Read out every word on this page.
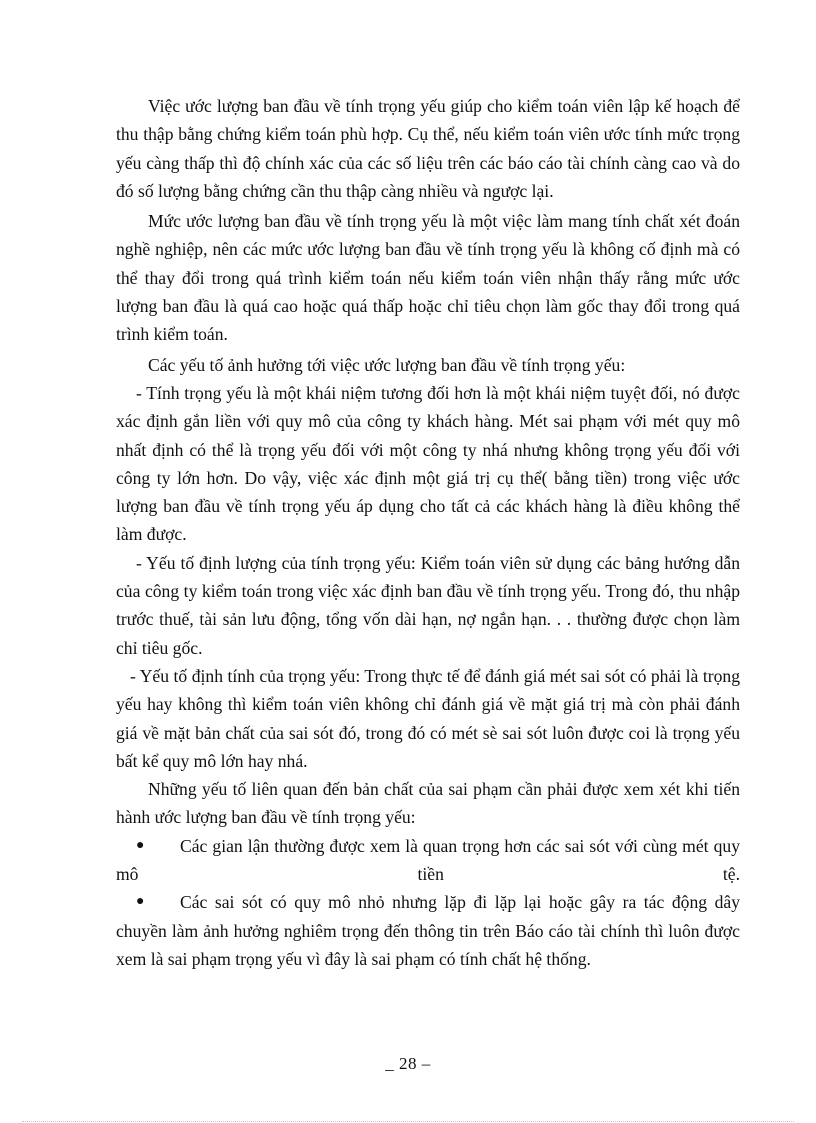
Việc ước lượng ban đầu về tính trọng yếu giúp cho kiểm toán viên lập kế hoạch để thu thập bằng chứng kiểm toán phù hợp. Cụ thể, nếu kiểm toán viên ước tính mức trọng yếu càng thấp thì độ chính xác của các số liệu trên các báo cáo tài chính càng cao và do đó số lượng bằng chứng cần thu thập càng nhiều và ngược lại.

Mức ước lượng ban đầu về tính trọng yếu là một việc làm mang tính chất xét đoán nghề nghiệp, nên các mức ước lượng ban đầu về tính trọng yếu là không cố định mà có thể thay đổi trong quá trình kiểm toán nếu kiểm toán viên nhận thấy rằng mức ước lượng ban đầu là quá cao hoặc quá thấp hoặc chỉ tiêu chọn làm gốc thay đổi trong quá trình kiểm toán.

Các yếu tố ảnh hưởng tới việc ước lượng ban đầu về tính trọng yếu:

- Tính trọng yếu là một khái niệm tương đối hơn là một khái niệm tuyệt đối, nó được xác định gắn liền với quy mô của công ty khách hàng. Mét sai phạm với mét quy mô nhất định có thể là trọng yếu đối với một công ty nhá nhưng không trọng yếu đối với công ty lớn hơn. Do vậy, việc xác định một giá trị cụ thể( bằng tiền) trong việc ước lượng ban đầu về tính trọng yếu áp dụng cho tất cả các khách hàng là điều không thể làm được.

- Yếu tố định lượng của tính trọng yếu: Kiểm toán viên sử dụng các bảng hướng dẫn của công ty kiểm toán trong việc xác định ban đầu về tính trọng yếu. Trong đó, thu nhập trước thuế, tài sản lưu động, tổng vốn dài hạn, nợ ngắn hạn. . . thường được chọn làm chỉ tiêu gốc.

- Yếu tố định tính của trọng yếu: Trong thực tế để đánh giá mét sai sót có phải là trọng yếu hay không thì kiểm toán viên không chỉ đánh giá về mặt giá trị mà còn phải đánh giá về mặt bản chất của sai sót đó, trong đó có mét sè sai sót luôn được coi là trọng yếu bất kể quy mô lớn hay nhá.

Những yếu tố liên quan đến bản chất của sai phạm cần phải được xem xét khi tiến hành ước lượng ban đầu về tính trọng yếu:

● Các gian lận thường được xem là quan trọng hơn các sai sót với cùng mét quy mô tiền tệ.

● Các sai sót có quy mô nhỏ nhưng lặp đi lặp lại hoặc gây ra tác động dây chuyền làm ảnh hưởng nghiêm trọng đến thông tin trên Báo cáo tài chính thì luôn được xem là sai phạm trọng yếu vì đây là sai phạm có tính chất hệ thống.

_ 28 –
